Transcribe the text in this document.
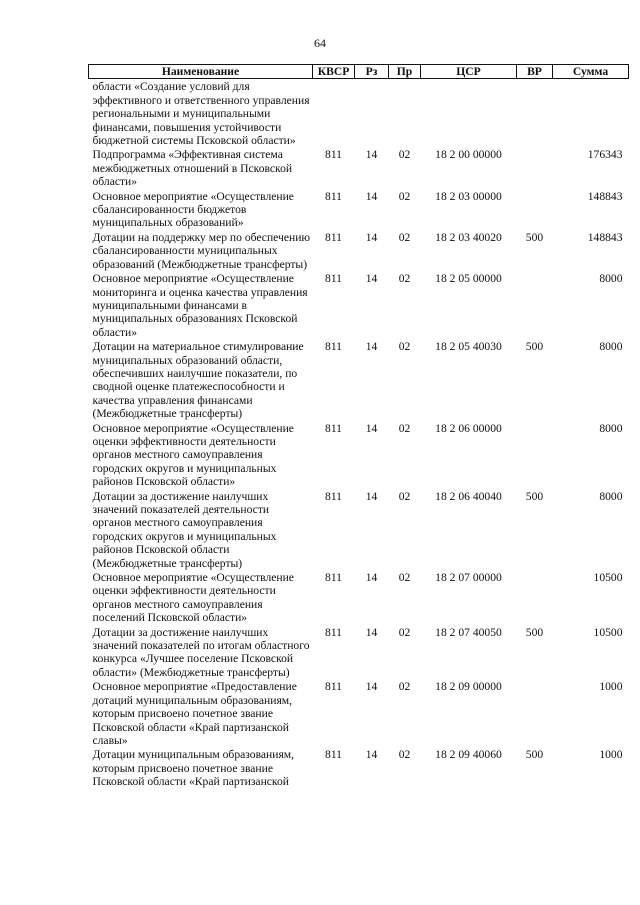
64
Наименование	КВСР	Рз	Пр	ЦСР	ВР	Сумма
области «Создание условий для эффективного и ответственного управления региональными и муниципальными финансами, повышения устойчивости бюджетной системы Псковской области»						
Подпрограмма «Эффективная система межбюджетных отношений в Псковской области»	811	14	02	18 2 00 00000		176343
Основное мероприятие «Осуществление сбалансированности бюджетов муниципальных образований»	811	14	02	18 2 03 00000		148843
Дотации на поддержку мер по обеспечению сбалансированности муниципальных образований (Межбюджетные трансферты)	811	14	02	18 2 03 40020	500	148843
Основное мероприятие «Осуществление мониторинга и оценка качества управления муниципальными финансами в муниципальных образованиях Псковской области»	811	14	02	18 2 05 00000		8000
Дотации на материальное стимулирование муниципальных образований области, обеспечивших наилучшие показатели, по сводной оценке платежеспособности и качества управления финансами (Межбюджетные трансферты)	811	14	02	18 2 05 40030	500	8000
Основное мероприятие «Осуществление оценки эффективности деятельности органов местного самоуправления городских округов и муниципальных районов Псковской области»	811	14	02	18 2 06 00000		8000
Дотации за достижение наилучших значений показателей деятельности органов местного самоуправления городских округов и муниципальных районов Псковской области (Межбюджетные трансферты)	811	14	02	18 2 06 40040	500	8000
Основное мероприятие «Осуществление оценки эффективности деятельности органов местного самоуправления поселений Псковской области»	811	14	02	18 2 07 00000		10500
Дотации за достижение наилучших значений показателей по итогам областного конкурса «Лучшее поселение Псковской области» (Межбюджетные трансферты)	811	14	02	18 2 07 40050	500	10500
Основное мероприятие «Предоставление дотаций муниципальным образованиям, которым присвоено почетное звание Псковской области «Край партизанской славы»	811	14	02	18 2 09 00000		1000
Дотации муниципальным образованиям, которым присвоено почетное звание Псковской области «Край партизанской	811	14	02	18 2 09 40060	500	1000
